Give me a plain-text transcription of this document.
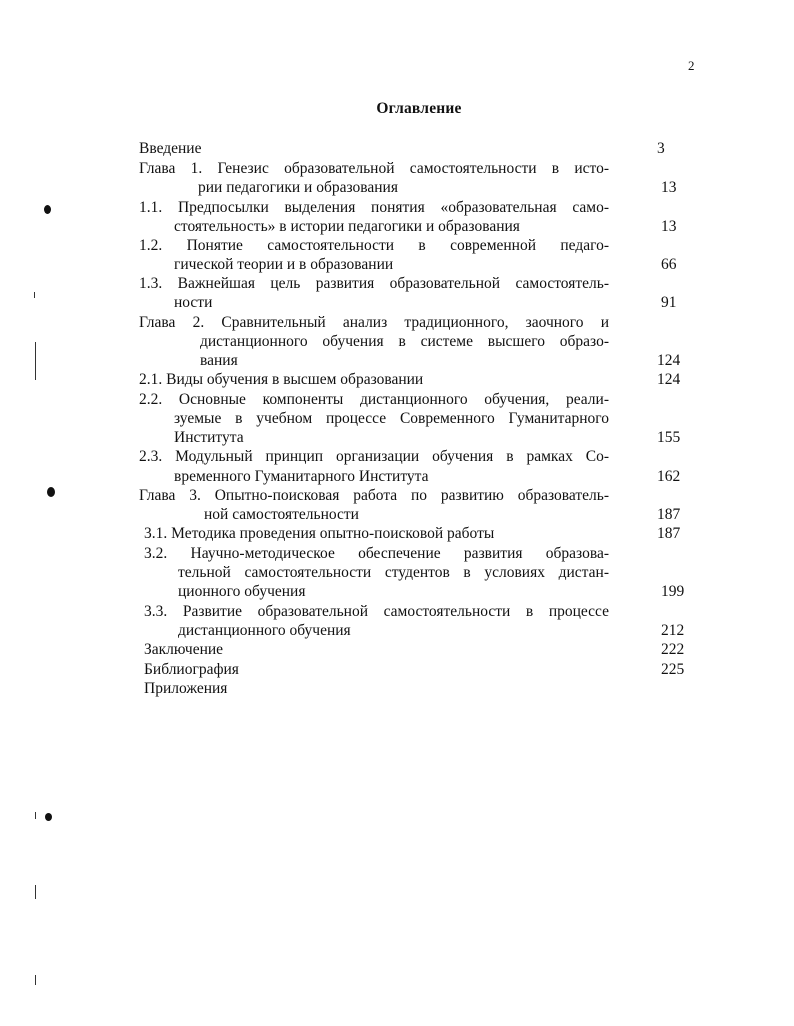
2
Оглавление
Введение	3
Глава 1. Генезис образовательной самостоятельности в исто-
рии педагогики и образования	13
1.1. Предпосылки выделения понятия «образовательная само-
стоятельность» в истории педагогики и образования	13
1.2. Понятие самостоятельности в современной педаго-
гической теории и в образовании	66
1.3. Важнейшая цель развития образовательной самостоятель-
ности	91
Глава 2. Сравнительный анализ традиционного, заочного и
дистанционного обучения в системе высшего образо-
вания	124
2.1. Виды обучения в высшем образовании	124
2.2. Основные компоненты дистанционного обучения, реали-
зуемые в учебном процессе Современного Гуманитарного
Института	155
2.3. Модульный принцип организации обучения в рамках Со-
временного Гуманитарного Института	162
Глава 3. Опытно-поисковая работа по развитию образователь-
ной самостоятельности	187
3.1. Методика проведения опытно-поисковой работы	187
3.2. Научно-методическое обеспечение развития образова-
тельной самостоятельности студентов в условиях дистан-
ционного обучения	199
3.3. Развитие образовательной самостоятельности в процессе
дистанционного обучения	212
Заключение	222
Библиография	225
Приложения
